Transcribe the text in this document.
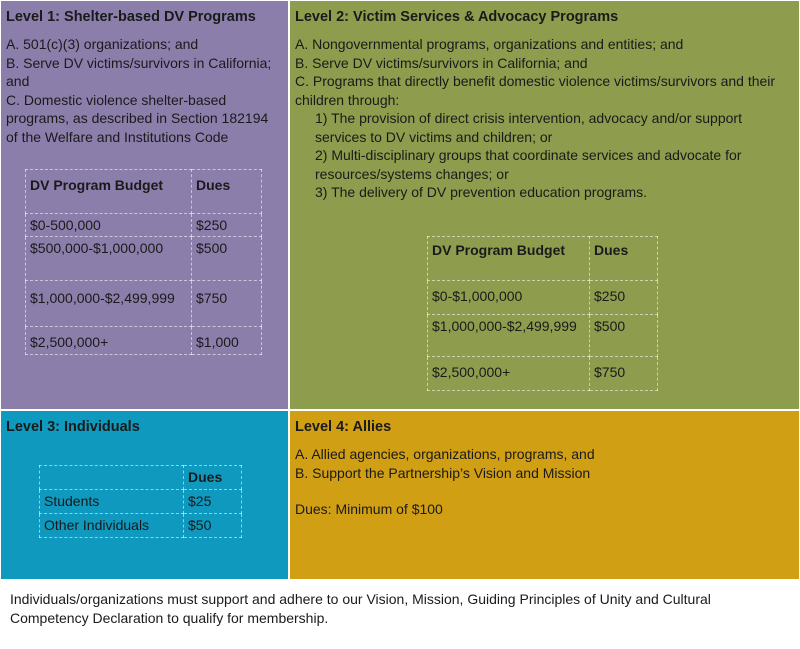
Level 1: Shelter-based DV Programs

A. 501(c)(3) organizations; and

B. Serve DV victims/survivors in California; and

C. Domestic violence shelter-based programs, as described in Section 182194 of the Welfare and Institutions Code

DV Program Budget	Dues
$0-500,000	$250
$500,000-$1,000,000	$500
$1,000,000-$2,499,999	$750
$2,500,000+	$1,000
Level 2: Victim Services & Advocacy Programs

A. Nongovernmental programs, organizations and entities; and

B. Serve DV victims/survivors in California; and

C. Programs that directly benefit domestic violence victims/survivors and their children through:

1) The provision of direct crisis intervention, advocacy and/or support services to DV victims and children; or

2) Multi-disciplinary groups that coordinate services and advocate for resources/systems changes; or

3) The delivery of DV prevention education programs.

DV Program Budget	Dues
$0-$1,000,000	$250
$1,000,000-$2,499,999	$500
$2,500,000+	$750
Level 3: Individuals
	Dues
Students	$25
Other Individuals	$50
Level 4: Allies

A. Allied agencies, organizations, programs, and

B. Support the Partnership’s Vision and Mission

Dues: Minimum of $100

Individuals/organizations must support and adhere to our Vision, Mission, Guiding Principles of Unity and Cultural Competency Declaration to qualify for membership.
